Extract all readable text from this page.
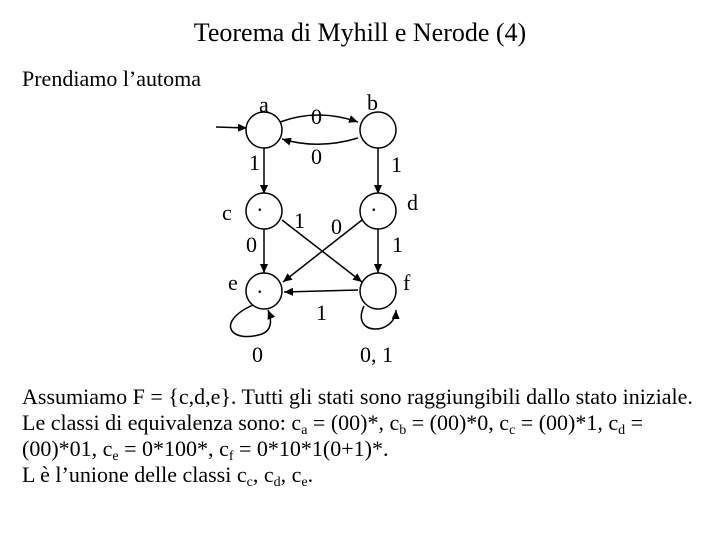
Teorema di Myhill e Nerode (4)
Prendiamo l’automa
.	.
.
a	b
c	d
e	f
0
0
1	1
1 0
0	1
1
0	0, 1

Assumiamo F = {c,d,e}. Tutti gli stati sono raggiungibili dallo stato iniziale.

Le classi di equivalenza sono: $c_a = (00)*$, $c_b = (00)*0$, $c_c = (00)*1$, $c_d = (00)*01$, $c_e = 0*100*$, $c_f = 0*10*1(0+1)*$.

L è l’unione delle classi $c_c$, $c_d$, $c_e$.
